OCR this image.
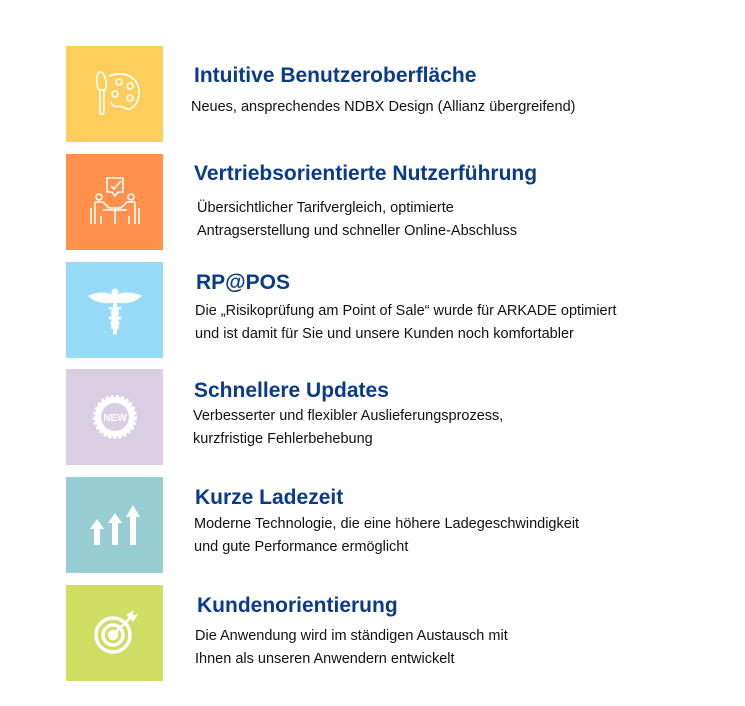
Intuitive Benutzeroberfläche
Neues, ansprechendes NDBX Design (Allianz übergreifend)
Vertriebsorientierte Nutzerführung
Übersichtlicher Tarifvergleich, optimierte
Antragserstellung und schneller Online-Abschluss
RP@POS
Die „Risikoprüfung am Point of Sale“ wurde für ARKADE optimiert
und ist damit für Sie und unsere Kunden noch komfortabler
NEW
Schnellere Updates
Verbesserter und flexibler Auslieferungsprozess,
kurzfristige Fehlerbehebung
Kurze Ladezeit
Moderne Technologie, die eine höhere Ladegeschwindigkeit
und gute Performance ermöglicht
Kundenorientierung
Die Anwendung wird im ständigen Austausch mit
Ihnen als unseren Anwendern entwickelt
